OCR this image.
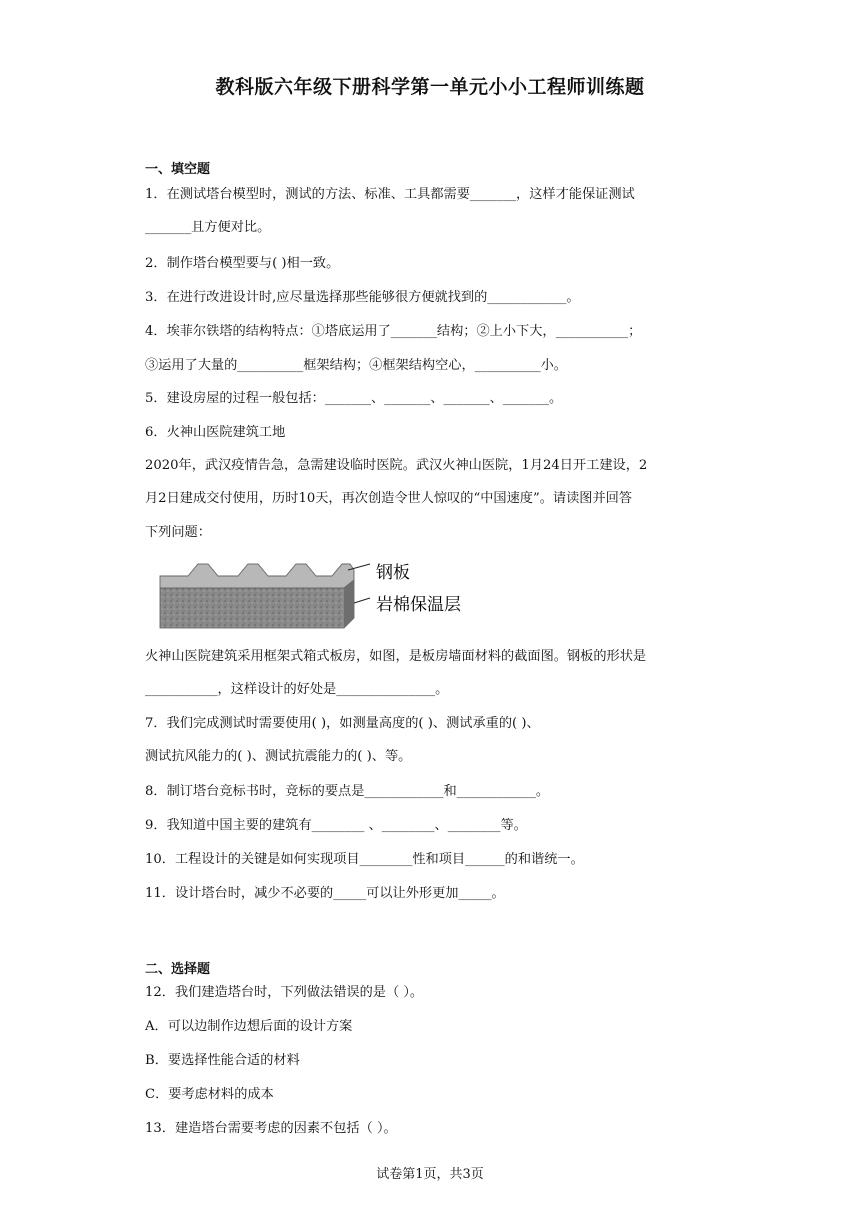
教科版六年级下册科学第一单元小小工程师训练题
一、填空题
1．在测试塔台模型时，测试的方法、标准、工具都需要_______，这样才能保证测试
_______且方便对比。
2．制作塔台模型要与( )相一致。
3．在进行改进设计时,应尽量选择那些能够很方便就找到的____________。
4．埃菲尔铁塔的结构特点：①塔底运用了_______结构；②上小下大，___________；
③运用了大量的__________框架结构；④框架结构空心，__________小。
5．建设房屋的过程一般包括：_______、_______、_______、_______。
6．火神山医院建筑工地
2020年，武汉疫情告急，急需建设临时医院。武汉火神山医院，1月24日开工建设，2
月2日建成交付使用，历时10天，再次创造令世人惊叹的“中国速度”。请读图并回答
下列问题：
钢板
岩棉保温层
火神山医院建筑采用框架式箱式板房，如图，是板房墙面材料的截面图。钢板的形状是
___________，这样设计的好处是_______________。
7．我们完成测试时需要使用( )，如测量高度的( )、测试承重的( )、
测试抗风能力的( )、测试抗震能力的( )、等。
8．制订塔台竞标书时，竞标的要点是____________和____________。
9．我知道中国主要的建筑有________ 、________、________等。
10．工程设计的关键是如何实现项目________性和项目______的和谐统一。
11．设计塔台时，减少不必要的_____可以让外形更加_____。
二、选择题
12．我们建造塔台时，下列做法错误的是（ ）。
A．可以边制作边想后面的设计方案
B．要选择性能合适的材料
C．要考虑材料的成本
13．建造塔台需要考虑的因素不包括（ ）。
试卷第1页，共3页
